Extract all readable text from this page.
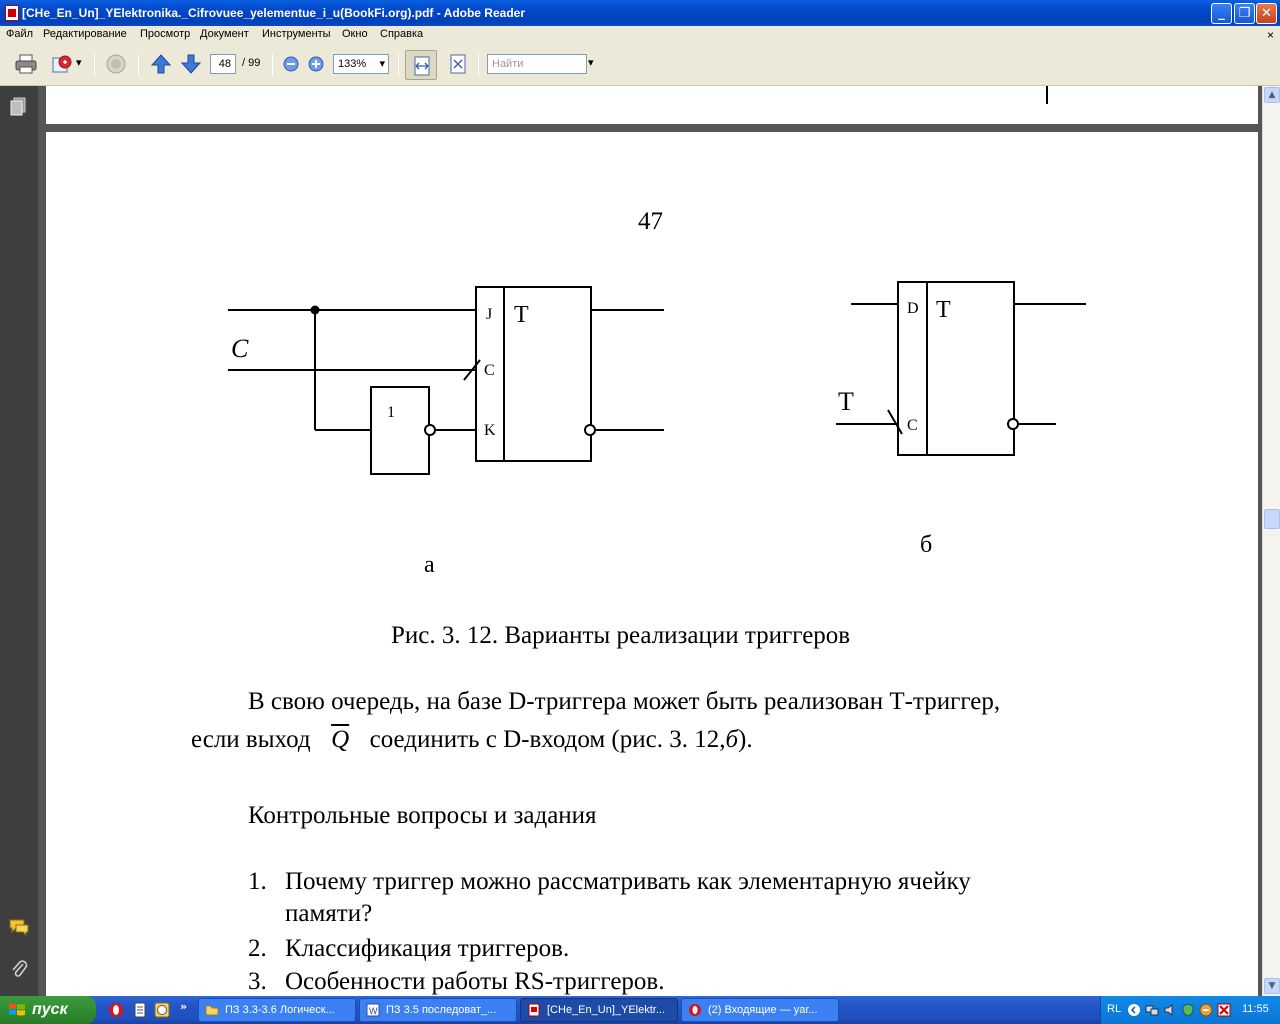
[CHe_En_Un]_YElektronika._Cifrovuee_yelementue_i_u(BookFi.org).pdf - Adobe Reader	_	❐ ✕
Файл Редактирование Просмотр Документ Инструменты Окно Справка	×
▾	48	/ 99	133% ▾	Найти	▾
47
C
1
J
C
K
T
а
T
D
C
T
б
Рис. 3. 12. Варианты реализации триггеров
В свою очередь, на базе D-триггера может быть реализован Т-триггер,
если выход $\overline{Q}$ соединить с D-входом (рис. 3. 12,б).
Контрольные вопросы и задания
1. Почему триггер можно рассматривать как элементарную ячейку
памяти?
2. Классификация триггеров.
3. Особенности работы RS-триггеров.
▲
▼
пуск	»	ПЗ 3.3-3.6 Логическ...	W ПЗ 3.5 последоват_...	[CHe_En_Un]_YElektr...	(2) Входящие — yar...	RL	11:55
